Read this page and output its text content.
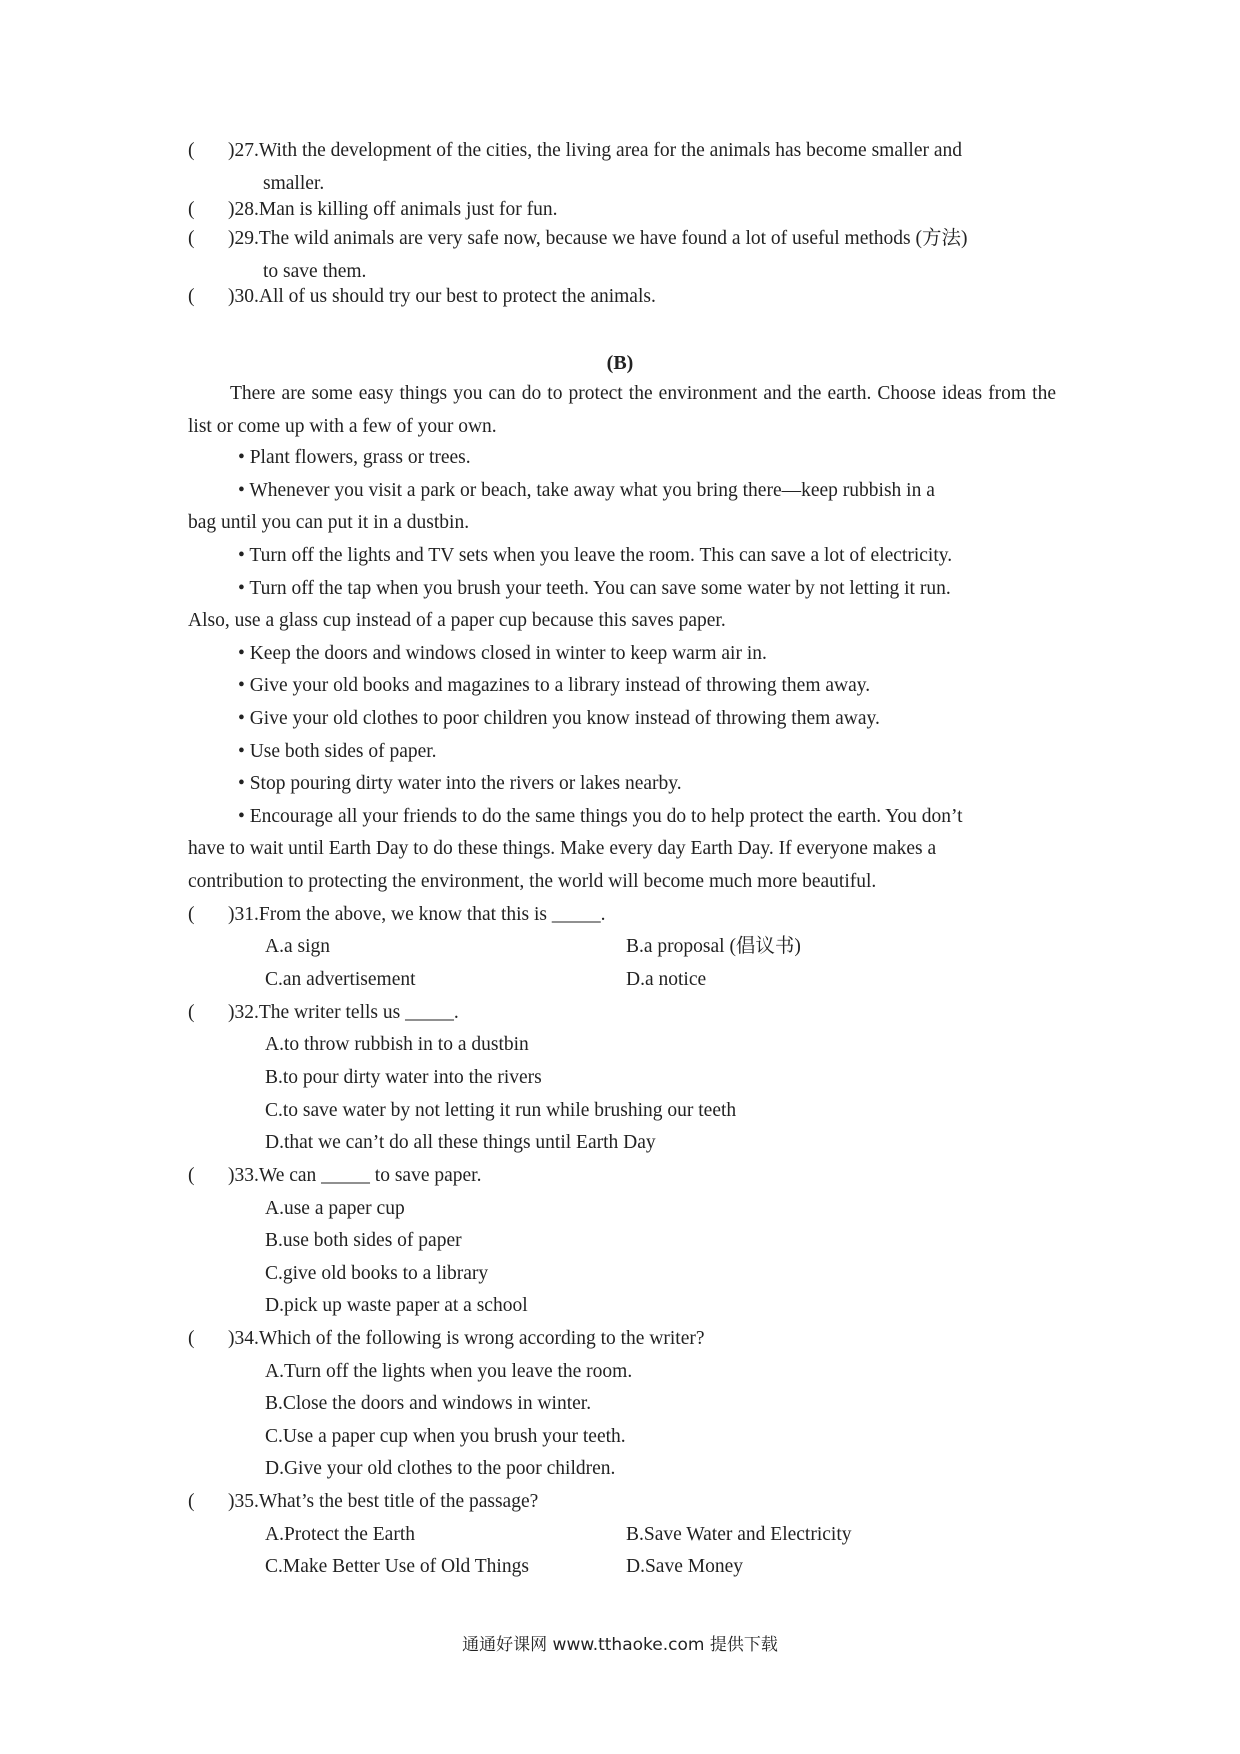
(	)27.With the development of the cities, the living area for the animals has become smaller and
smaller.
(	)28.Man is killing off animals just for fun.
(	)29.The wild animals are very safe now, because we have found a lot of useful methods (方法)
to save them.
(	)30.All of us should try our best to protect the animals.
(B)
There are some easy things you can do to protect the environment and the earth. Choose ideas from the list or come up with a few of your own.
• Plant flowers, grass or trees.
• Whenever you visit a park or beach, take away what you bring there—keep rubbish in a
bag until you can put it in a dustbin.
• Turn off the lights and TV sets when you leave the room. This can save a lot of electricity.
• Turn off the tap when you brush your teeth. You can save some water by not letting it run.
Also, use a glass cup instead of a paper cup because this saves paper.
• Keep the doors and windows closed in winter to keep warm air in.
• Give your old books and magazines to a library instead of throwing them away.
• Give your old clothes to poor children you know instead of throwing them away.
• Use both sides of paper.
• Stop pouring dirty water into the rivers or lakes nearby.
• Encourage all your friends to do the same things you do to help protect the earth. You don’t
have to wait until Earth Day to do these things. Make every day Earth Day. If everyone makes a
contribution to protecting the environment, the world will become much more beautiful.
(	)31.From the above, we know that this is _____.
A.a sign	B.a proposal (倡议书)
C.an advertisement	D.a notice
(	)32.The writer tells us _____.
A.to throw rubbish in to a dustbin
B.to pour dirty water into the rivers
C.to save water by not letting it run while brushing our teeth
D.that we can’t do all these things until Earth Day
(	)33.We can _____ to save paper.
A.use a paper cup
B.use both sides of paper
C.give old books to a library
D.pick up waste paper at a school
(	)34.Which of the following is wrong according to the writer?
A.Turn off the lights when you leave the room.
B.Close the doors and windows in winter.
C.Use a paper cup when you brush your teeth.
D.Give your old clothes to the poor children.
(	)35.What’s the best title of the passage?
A.Protect the Earth	B.Save Water and Electricity
C.Make Better Use of Old Things	D.Save Money
通通好课网 www.tthaoke.com 提供下载
